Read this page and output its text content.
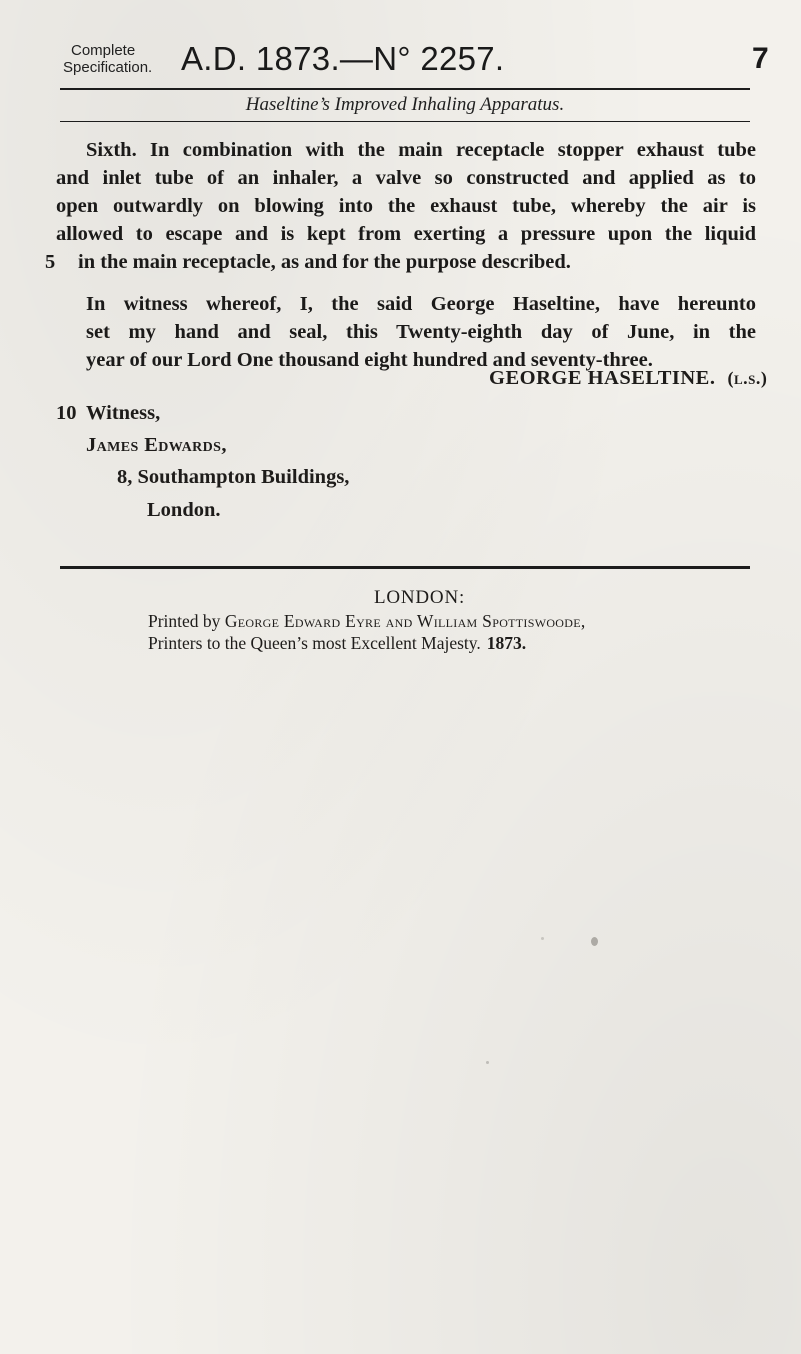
Complete
Specification. A.D. 1873.—N° 2257.	7
Haseltine’s Improved Inhaling Apparatus.
Sixth. In combination with the main receptacle stopper exhaust tube
and inlet tube of an inhaler, a valve so constructed and applied as to
open outwardly on blowing into the exhaust tube, whereby the air is
allowed to escape and is kept from exerting a pressure upon the liquid
5	in the main receptacle, as and for the purpose described.
In witness whereof, I, the said George Haseltine, have hereunto
set my hand and seal, this Twenty-eighth day of June, in the
year of our Lord One thousand eight hundred and seventy-three.
GEORGE HASELTINE. (l.s.)
10 Witness,
James Edwards,
8, Southampton Buildings,
London.
LONDON:
Printed by George Edward Eyre and William Spottiswoode,
Printers to the Queen’s most Excellent Majesty. 1873.
